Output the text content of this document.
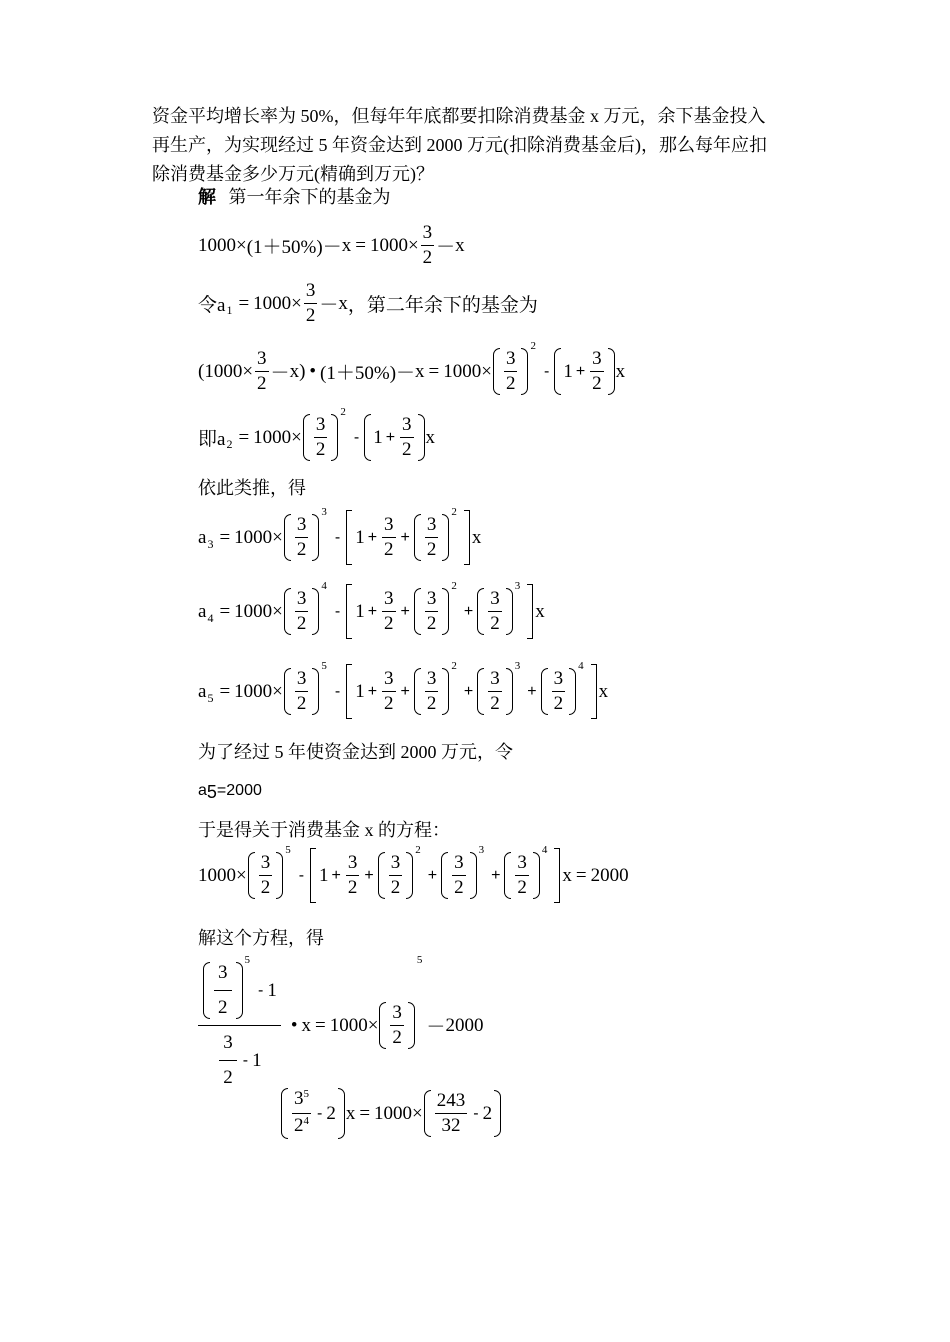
资金平均增长率为 50%，但每年年底都要扣除消费基金 x 万元，余下基金投入
再生产，为实现经过 5 年资金达到 2000 万元(扣除消费基金后)，那么每年应扣
除消费基金多少万元(精确到万元)？
解 第一年余下的基金为
$1000 \times (1+50\%) - x = 1000 \times \frac{3}{2} - x$
令a $1 = 1000 \times \frac{3}{2} - x$ ，第二年余下的基金为
( $1000 \times \frac{3}{2} - x$) • $(1+50\%) - x = 1000 \times \frac{3}{2}$
2
- $1 + \frac{3}{2}$ x
即a $2 = 1000 \times \frac{3}{2}$
2
- $1 + \frac{3}{2}$ x
依此类推，得
a $3 = 1000 \times \frac{3}{2}$
3
- $1 + \frac{3}{2} + \frac{3}{2}$
2
x
a $4 = 1000 \times \frac{3}{2}$
4
- $1 + \frac{3}{2} + \frac{3}{2}$
2
+ $\frac{3}{2}$
3
x
a $5 = 1000 \times \frac{3}{2}$
5
- $1 + \frac{3}{2} + \frac{3}{2}$
2
+ $\frac{3}{2}$
3
+ $\frac{3}{2}$
4
x
为了经过 5 年使资金达到 2000 万元，令
a5=2000
于是得关于消费基金 x 的方程：
$1000 \times \frac{3}{2}$
5
- $1 + \frac{3}{2} + \frac{3}{2}$
2
+ $\frac{3}{2}$
3
+ $\frac{3}{2}$
4
x = 2000
解这个方程，得
$\frac{3}{2}$
5
- 1
$\frac{3}{2} - 1$ • $x = 1000 \times \frac{3}{2}$
5
－ 2000
$\frac{3^5}{2^4} - 2$ $x = 1000 \times \frac{243}{32} - 2$
